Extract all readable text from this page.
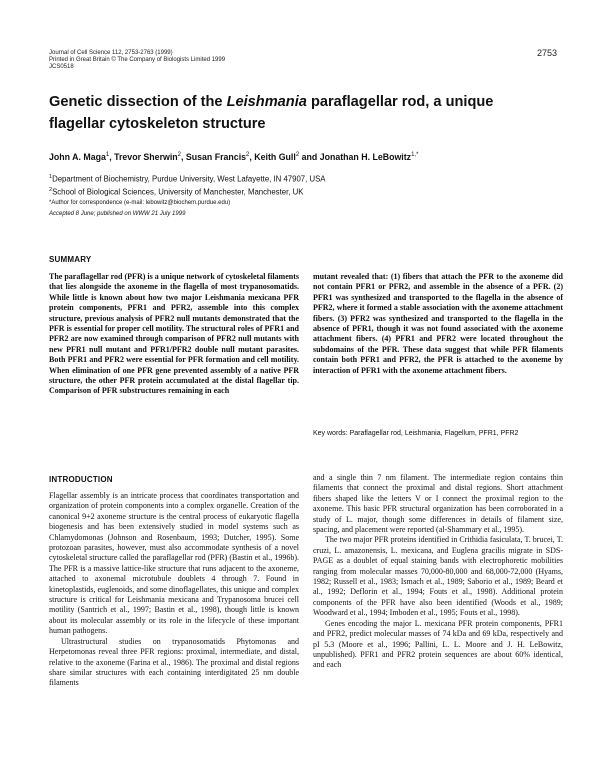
Journal of Cell Science 112, 2753-2763 (1999)
Printed in Great Britain © The Company of Biologists Limited 1999
JCS0518
2753
Genetic dissection of the Leishmania paraflagellar rod, a unique flagellar cytoskeleton structure
John A. Maga$^1$, Trevor Sherwin$^2$, Susan Francis$^2$, Keith Gull$^2$ and Jonathan H. LeBowitz$^{1,*}$
$^1$Department of Biochemistry, Purdue University, West Lafayette, IN 47907, USA
$^2$School of Biological Sciences, University of Manchester, Manchester, UK
*Author for correspondence (e-mail: lebowitz@biochem.purdue.edu)
Accepted 8 June; published on WWW 21 July 1999
SUMMARY

The paraflagellar rod (PFR) is a unique network of cytoskeletal filaments that lies alongside the axoneme in the flagella of most trypanosomatids. While little is known about how two major Leishmania mexicana PFR protein components, PFR1 and PFR2, assemble into this complex structure, previous analysis of PFR2 null mutants demonstrated that the PFR is essential for proper cell motility. The structural roles of PFR1 and PFR2 are now examined through comparison of PFR2 null mutants with new PFR1 null mutant and PFR1/PFR2 double null mutant parasites. Both PFR1 and PFR2 were essential for PFR formation and cell motility. When elimination of one PFR gene prevented assembly of a native PFR structure, the other PFR protein accumulated at the distal flagellar tip. Comparison of PFR substructures remaining in each

mutant revealed that: (1) fibers that attach the PFR to the axoneme did not contain PFR1 or PFR2, and assemble in the absence of a PFR. (2) PFR1 was synthesized and transported to the flagella in the absence of PFR2, where it formed a stable association with the axoneme attachment fibers. (3) PFR2 was synthesized and transported to the flagella in the absence of PFR1, though it was not found associated with the axoneme attachment fibers. (4) PFR1 and PFR2 were located throughout the subdomains of the PFR. These data suggest that while PFR filaments contain both PFR1 and PFR2, the PFR is attached to the axoneme by interaction of PFR1 with the axoneme attachment fibers.

Key words: Paraflagellar rod, Leishmania, Flagellum, PFR1, PFR2
INTRODUCTION

Flagellar assembly is an intricate process that coordinates transportation and organization of protein components into a complex organelle. Creation of the canonical 9+2 axoneme structure is the central process of eukaryotic flagella biogenesis and has been extensively studied in model systems such as Chlamydomonas (Johnson and Rosenbaum, 1993; Dutcher, 1995). Some protozoan parasites, however, must also accommodate synthesis of a novel cytoskeletal structure called the paraflagellar rod (PFR) (Bastin et al., 1996b). The PFR is a massive lattice-like structure that runs adjacent to the axoneme, attached to axonemal microtubule doublets 4 through 7. Found in kinetoplastids, euglenoids, and some dinoflagellates, this unique and complex structure is critical for Leishmania mexicana and Trypanosoma brucei cell motility (Santrich et al., 1997; Bastin et al., 1998), though little is known about its molecular assembly or its role in the lifecycle of these important human pathogens.

Ultrastructural studies on trypanosomatids Phytomonas and Herpetomonas reveal three PFR regions: proximal, intermediate, and distal, relative to the axoneme (Farina et al., 1986). The proximal and distal regions share similar structures with each containing interdigitated 25 nm double filaments

and a single thin 7 nm filament. The intermediate region contains thin filaments that connect the proximal and distal regions. Short attachment fibers shaped like the letters V or I connect the proximal region to the axoneme. This basic PFR structural organization has been corroborated in a study of L. major, though some differences in details of filament size, spacing, and placement were reported (al-Shammary et al., 1995).

The two major PFR proteins identified in Crithidia fasiculata, T. brucei, T. cruzi, L. amazonensis, L. mexicana, and Euglena gracilis migrate in SDS-PAGE as a doublet of equal staining bands with electrophoretic mobilities ranging from molecular masses 70,000-80,000 and 68,000-72,000 (Hyams, 1982; Russell et al., 1983; Ismach et al., 1989; Saborio et al., 1989; Beard et al., 1992; Deflorin et al., 1994; Fouts et al., 1998). Additional protein components of the PFR have also been identified (Woods et al., 1989; Woodward et al., 1994; Imboden et al., 1995; Fouts et al., 1998).

Genes encoding the major L. mexicana PFR protein components, PFR1 and PFR2, predict molecular masses of 74 kDa and 69 kDa, respectively and pI 5.3 (Moore et al., 1996; Pallini, L. L. Moore and J. H. LeBowitz, unpublished). PFR1 and PFR2 protein sequences are about 60% identical, and each
